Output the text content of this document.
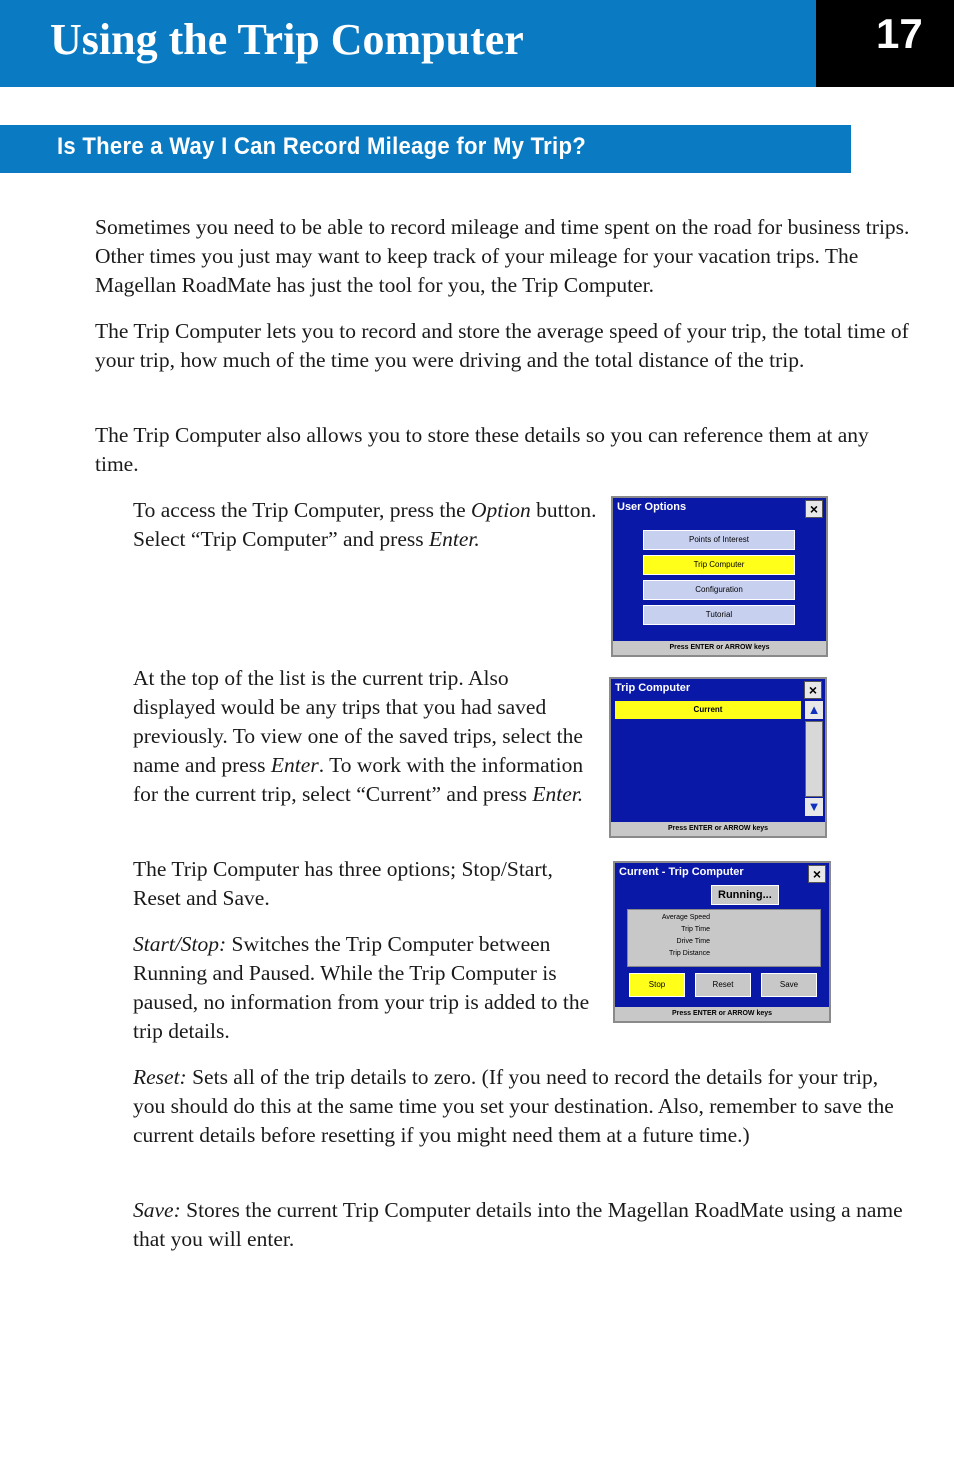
Using the Trip Computer	17
Is There a Way I Can Record Mileage for My Trip?

Sometimes you need to be able to record mileage and time spent on the road for business trips. Other times you just may want to keep track of your mileage for your vacation trips. The Magellan RoadMate has just the tool for you, the Trip Computer.

The Trip Computer lets you to record and store the average speed of your trip, the total time of your trip, how much of the time you were driving and the total distance of the trip.

The Trip Computer also allows you to store these details so you can reference them at any time.

To access the Trip Computer, press the Option button. Select “Trip Computer” and press Enter.

At the top of the list is the current trip. Also displayed would be any trips that you had saved previously. To view one of the saved trips, select the name and press Enter. To work with the information for the current trip, select “Current” and press Enter.

The Trip Computer has three options; Stop/Start, Reset and Save.

Start/Stop: Switches the Trip Computer between Running and Paused. While the Trip Computer is paused, no information from your trip is added to the trip details.

Reset: Sets all of the trip details to zero. (If you need to record the details for your trip, you should do this at the same time you set your destination. Also, remember to save the current details before resetting if you might need them at a future time.)

Save: Stores the current Trip Computer details into the Magellan RoadMate using a name that you will enter.

User Options	×
Points of Interest
Trip Computer
Configuration
Tutorial
Press ENTER or ARROW keys
Trip Computer	×
Current	▲
▼
Press ENTER or ARROW keys
Current - Trip Computer	×
Running...
Average Speed
Trip Time
Drive Time
Trip Distance
Stop	Reset	Save
Press ENTER or ARROW keys
